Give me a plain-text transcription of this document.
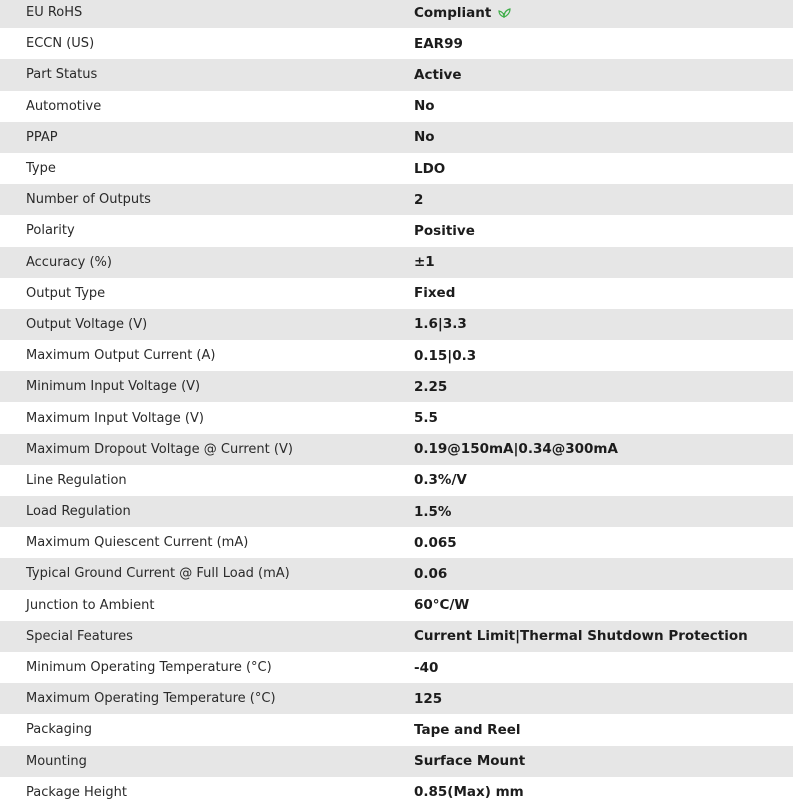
EU RoHS	Compliant
ECCN (US)	EAR99
Part Status	Active
Automotive	No
PPAP	No
Type	LDO
Number of Outputs	2
Polarity	Positive
Accuracy (%)	±1
Output Type	Fixed
Output Voltage (V)	1.6|3.3
Maximum Output Current (A)	0.15|0.3
Minimum Input Voltage (V)	2.25
Maximum Input Voltage (V)	5.5
Maximum Dropout Voltage @ Current (V)	0.19@150mA|0.34@300mA
Line Regulation	0.3%/V
Load Regulation	1.5%
Maximum Quiescent Current (mA)	0.065
Typical Ground Current @ Full Load (mA)	0.06
Junction to Ambient	60°C/W
Special Features	Current Limit|Thermal Shutdown Protection
Minimum Operating Temperature (°C)	-40
Maximum Operating Temperature (°C)	125
Packaging	Tape and Reel
Mounting	Surface Mount
Package Height	0.85(Max) mm
